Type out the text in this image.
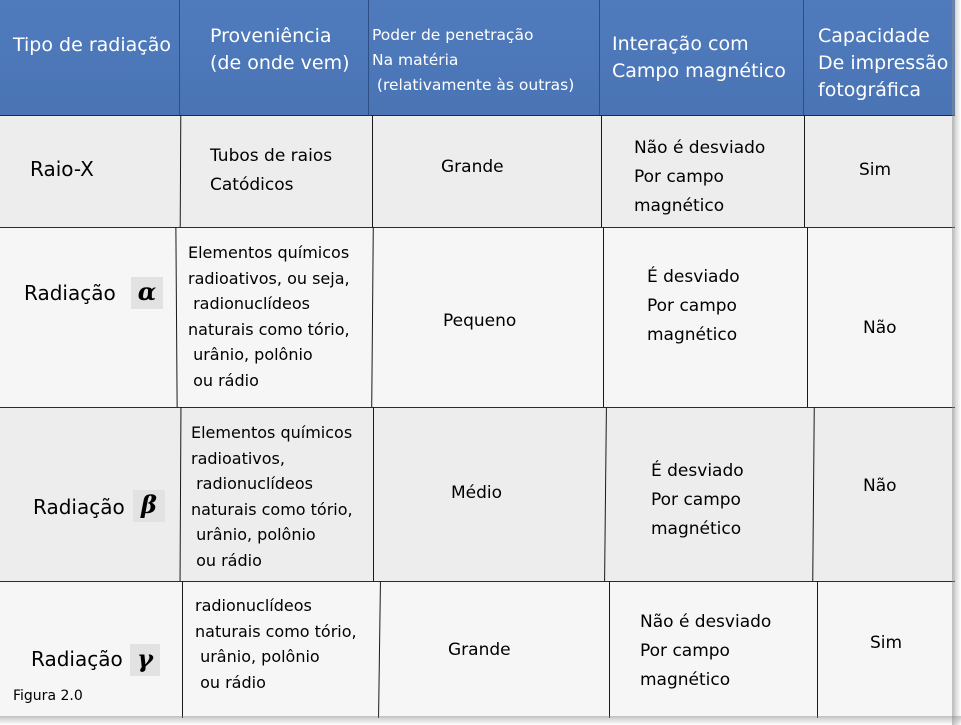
Tipo de radiação Proveniência
(de onde vem)
Poder de penetração
Na matéria
(relativamente às outras)
Interação com
Campo magnético
Capacidade
De impressão
fotográfica
Raio-X
Tubos de raios
Catódicos
Grande
Não é desviado
Por campo
magnético
Sim
Radiação α
Elementos químicos
radioativos, ou seja,
radionuclídeos
naturais como tório,
urânio, polônio
ou rádio
Pequeno
É desviado
Por campo
magnético	Não
Radiação β
Elementos químicos
radioativos,
radionuclídeos
naturais como tório,
urânio, polônio
ou rádio
Médio
É desviado
Por campo
magnético
Não
Radiação γ
radionuclídeos
naturais como tório,
urânio, polônio
ou rádio
Grande
Não é desviado
Por campo
magnético
Sim
Figura 2.0
